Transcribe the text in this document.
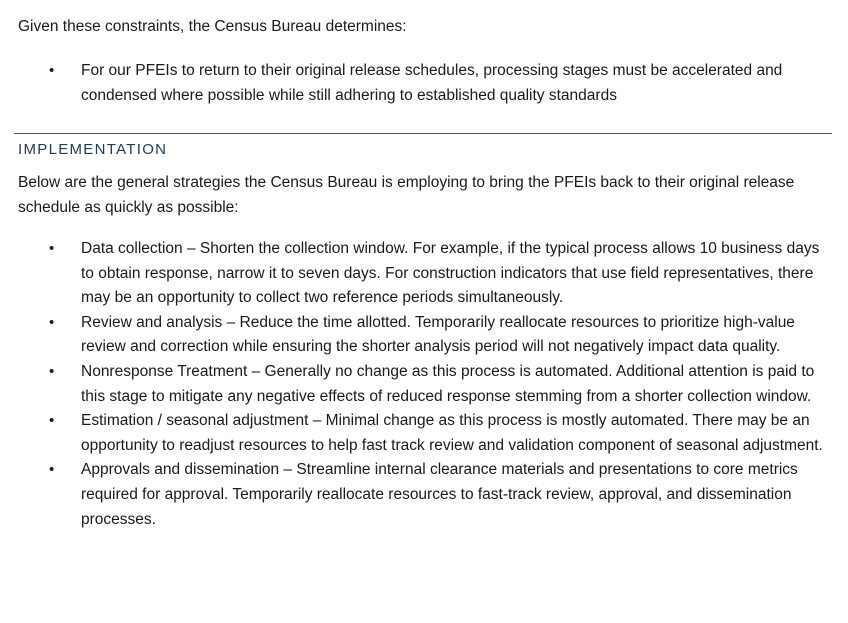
Given these constraints, the Census Bureau determines:

• For our PFEIs to return to their original release schedules, processing stages must be accelerated and condensed where possible while still adhering to established quality standards
IMPLEMENTATION

Below are the general strategies the Census Bureau is employing to bring the PFEIs back to their original release schedule as quickly as possible:

• Data collection – Shorten the collection window. For example, if the typical process allows 10 business days to obtain response, narrow it to seven days. For construction indicators that use field representatives, there may be an opportunity to collect two reference periods simultaneously.
• Review and analysis – Reduce the time allotted. Temporarily reallocate resources to prioritize high-value review and correction while ensuring the shorter analysis period will not negatively impact data quality.
• Nonresponse Treatment – Generally no change as this process is automated. Additional attention is paid to this stage to mitigate any negative effects of reduced response stemming from a shorter collection window.
• Estimation / seasonal adjustment – Minimal change as this process is mostly automated. There may be an opportunity to readjust resources to help fast track review and validation component of seasonal adjustment.
• Approvals and dissemination – Streamline internal clearance materials and presentations to core metrics required for approval. Temporarily reallocate resources to fast-track review, approval, and dissemination processes.
